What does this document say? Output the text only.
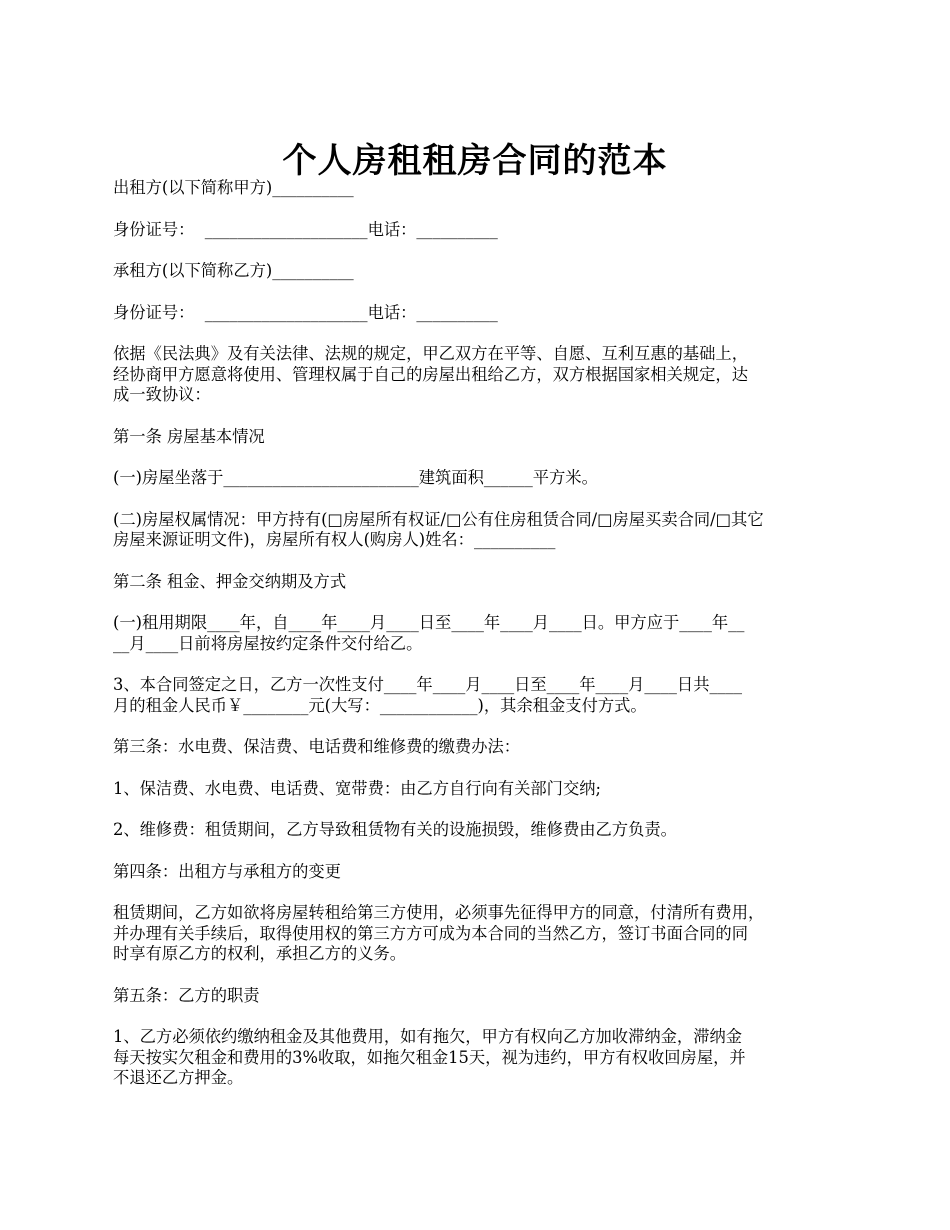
个人房租租房合同的范本

出租方(以下简称甲方)__________

身份证号：  ____________________电话：__________

承租方(以下简称乙方)__________

身份证号：  ____________________电话：__________

依据《民法典》及有关法律、法规的规定，甲乙双方在平等、自愿、互利互惠的基础上，
经协商甲方愿意将使用、管理权属于自己的房屋出租给乙方，双方根据国家相关规定，达
成一致协议：

第一条 房屋基本情况

(一)房屋坐落于________________________建筑面积______平方米。

(二)房屋权属情况：甲方持有(□房屋所有权证/□公有住房租赁合同/□房屋买卖合同/□其它
房屋来源证明文件)，房屋所有权人(购房人)姓名：__________

第二条 租金、押金交纳期及方式

(一)租用期限____年，自____年____月____日至____年____月____日。甲方应于____年__
__月____日前将房屋按约定条件交付给乙。

3、本合同签定之日，乙方一次性支付____年____月____日至____年____月____日共____
月的租金人民币￥________元(大写：____________)，其余租金支付方式。

第三条：水电费、保洁费、电话费和维修费的缴费办法：

1、保洁费、水电费、电话费、宽带费：由乙方自行向有关部门交纳;

2、维修费：租赁期间，乙方导致租赁物有关的设施损毁，维修费由乙方负责。

第四条：出租方与承租方的变更

租赁期间，乙方如欲将房屋转租给第三方使用，必须事先征得甲方的同意，付清所有费用，
并办理有关手续后，取得使用权的第三方方可成为本合同的当然乙方，签订书面合同的同
时享有原乙方的权利，承担乙方的义务。

第五条：乙方的职责

1、乙方必须依约缴纳租金及其他费用，如有拖欠，甲方有权向乙方加收滞纳金，滞纳金
每天按实欠租金和费用的3%收取，如拖欠租金15天，视为违约，甲方有权收回房屋，并
不退还乙方押金。
